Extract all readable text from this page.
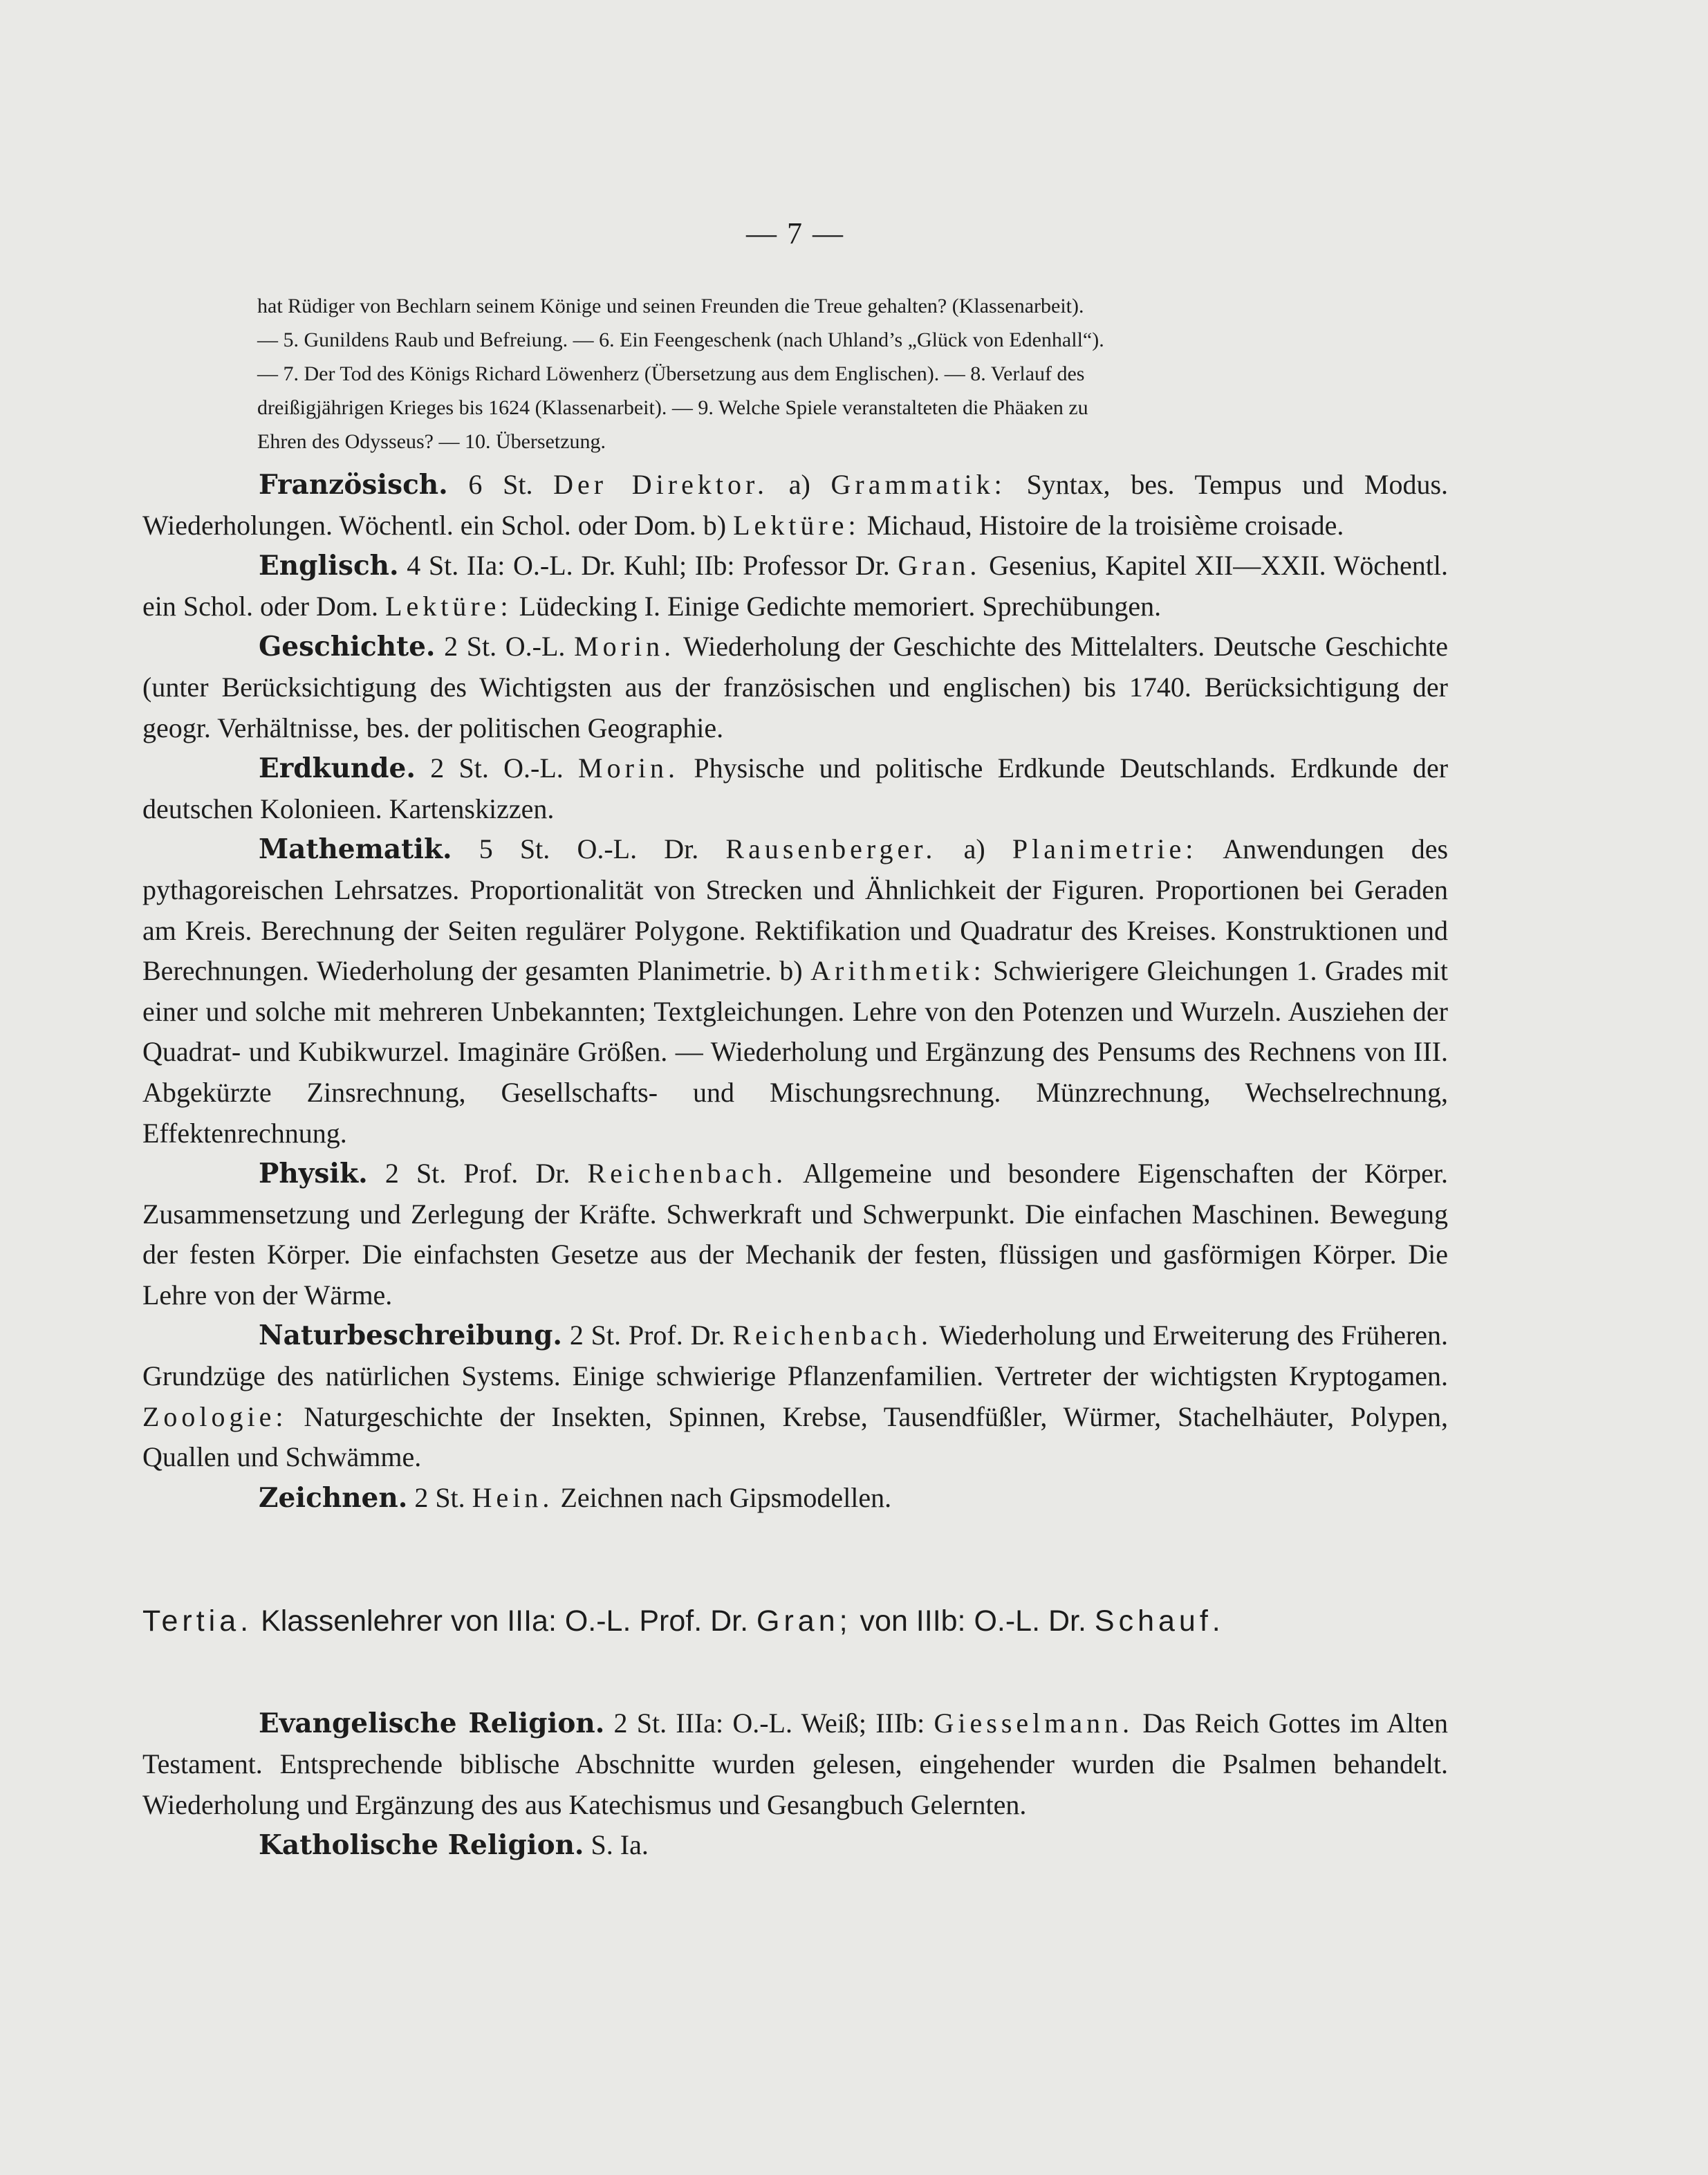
— 7 —

hat Rüdiger von Bechlarn seinem Könige und seinen Freunden die Treue gehalten? (Klassenarbeit).

— 5. Gunildens Raub und Befreiung. — 6. Ein Feengeschenk (nach Uhland’s „Glück von Edenhall“).

— 7. Der Tod des Königs Richard Löwenherz (Übersetzung aus dem Englischen). — 8. Verlauf des

dreißigjährigen Krieges bis 1624 (Klassenarbeit). — 9. Welche Spiele veranstalteten die Phäaken zu

Ehren des Odysseus? — 10. Übersetzung.

Französisch. 6 St. Der Direktor. a) Grammatik: Syntax, bes. Tempus und Modus. Wiederholungen. Wöchentl. ein Schol. oder Dom. b) Lektüre: Michaud, Histoire de la troisième croisade.

Englisch. 4 St. IIa: O.-L. Dr. Kuhl; IIb: Professor Dr. Gran. Gesenius, Kapitel XII—XXII. Wöchentl. ein Schol. oder Dom. Lektüre: Lüdecking I. Einige Gedichte memoriert. Sprechübungen.

Geschichte. 2 St. O.-L. Morin. Wiederholung der Geschichte des Mittelalters. Deutsche Geschichte (unter Berücksichtigung des Wichtigsten aus der französischen und englischen) bis 1740. Berücksichtigung der geogr. Verhältnisse, bes. der politischen Geographie.

Erdkunde. 2 St. O.-L. Morin. Physische und politische Erdkunde Deutschlands. Erdkunde der deutschen Kolonieen. Kartenskizzen.

Mathematik. 5 St. O.-L. Dr. Rausenberger. a) Planimetrie: Anwendungen des pythagoreischen Lehrsatzes. Proportionalität von Strecken und Ähnlichkeit der Figuren. Proportionen bei Geraden am Kreis. Berechnung der Seiten regulärer Polygone. Rektifikation und Quadratur des Kreises. Konstruktionen und Berechnungen. Wiederholung der gesamten Planimetrie. b) Arithmetik: Schwierigere Gleichungen 1. Grades mit einer und solche mit mehreren Unbekannten; Textgleichungen. Lehre von den Potenzen und Wurzeln. Ausziehen der Quadrat- und Kubikwurzel. Imaginäre Größen. — Wiederholung und Ergänzung des Pensums des Rechnens von III. Abgekürzte Zinsrechnung, Gesellschafts- und Mischungsrechnung. Münzrechnung, Wechselrechnung, Effektenrechnung.

Physik. 2 St. Prof. Dr. Reichenbach. Allgemeine und besondere Eigenschaften der Körper. Zusammensetzung und Zerlegung der Kräfte. Schwerkraft und Schwerpunkt. Die einfachen Maschinen. Bewegung der festen Körper. Die einfachsten Gesetze aus der Mechanik der festen, flüssigen und gasförmigen Körper. Die Lehre von der Wärme.

Naturbeschreibung. 2 St. Prof. Dr. Reichenbach. Wiederholung und Erweiterung des Früheren. Grundzüge des natürlichen Systems. Einige schwierige Pflanzenfamilien. Vertreter der wichtigsten Kryptogamen. Zoologie: Naturgeschichte der Insekten, Spinnen, Krebse, Tausendfüßler, Würmer, Stachelhäuter, Polypen, Quallen und Schwämme.

Zeichnen. 2 St. Hein. Zeichnen nach Gipsmodellen.

Tertia. Klassenlehrer von IIIa: O.-L. Prof. Dr. Gran; von IIIb: O.-L. Dr. Schauf.

Evangelische Religion. 2 St. IIIa: O.-L. Weiß; IIIb: Giesselmann. Das Reich Gottes im Alten Testament. Entsprechende biblische Abschnitte wurden gelesen, eingehender wurden die Psalmen behandelt. Wiederholung und Ergänzung des aus Katechismus und Gesangbuch Gelernten.

Katholische Religion. S. Ia.
